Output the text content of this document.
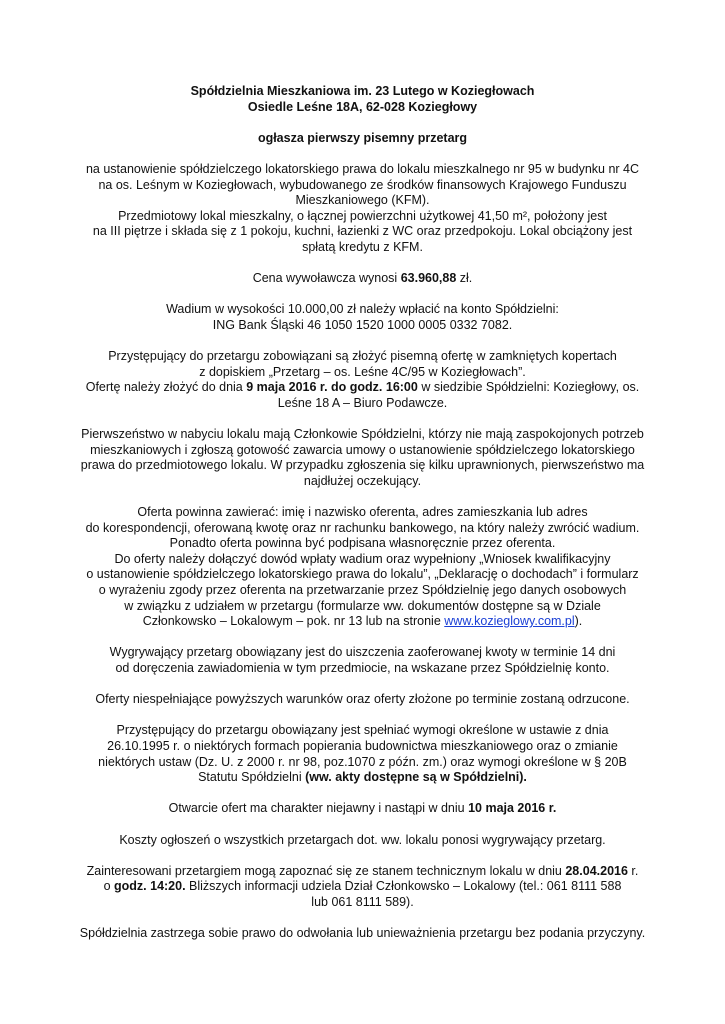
Spółdzielnia Mieszkaniowa im. 23 Lutego w Koziegłowach
Osiedle Leśne 18A, 62-028 Koziegłowy
ogłasza pierwszy pisemny przetarg
na ustanowienie spółdzielczego lokatorskiego prawa do lokalu mieszkalnego nr 95 w budynku nr 4C
na os. Leśnym w Koziegłowach, wybudowanego ze środków finansowych Krajowego Funduszu
Mieszkaniowego (KFM).
Przedmiotowy lokal mieszkalny, o łącznej powierzchni użytkowej 41,50 m², położony jest
na III piętrze i składa się z 1 pokoju, kuchni, łazienki z WC oraz przedpokoju. Lokal obciążony jest
spłatą kredytu z KFM.
Cena wywoławcza wynosi 63.960,88 zł.
Wadium w wysokości 10.000,00 zł należy wpłacić na konto Spółdzielni:
ING Bank Śląski 46 1050 1520 1000 0005 0332 7082.
Przystępujący do przetargu zobowiązani są złożyć pisemną ofertę w zamkniętych kopertach
z dopiskiem „Przetarg – os. Leśne 4C/95 w Koziegłowach”.
Ofertę należy złożyć do dnia 9 maja 2016 r. do godz. 16:00 w siedzibie Spółdzielni: Koziegłowy, os.
Leśne 18 A – Biuro Podawcze.
Pierwszeństwo w nabyciu lokalu mają Członkowie Spółdzielni, którzy nie mają zaspokojonych potrzeb
mieszkaniowych i zgłoszą gotowość zawarcia umowy o ustanowienie spółdzielczego lokatorskiego
prawa do przedmiotowego lokalu. W przypadku zgłoszenia się kilku uprawnionych, pierwszeństwo ma
najdłużej oczekujący.
Oferta powinna zawierać: imię i nazwisko oferenta, adres zamieszkania lub adres
do korespondencji, oferowaną kwotę oraz nr rachunku bankowego, na który należy zwrócić wadium.
Ponadto oferta powinna być podpisana własnoręcznie przez oferenta.
Do oferty należy dołączyć dowód wpłaty wadium oraz wypełniony „Wniosek kwalifikacyjny
o ustanowienie spółdzielczego lokatorskiego prawa do lokalu”, „Deklarację o dochodach” i formularz
o wyrażeniu zgody przez oferenta na przetwarzanie przez Spółdzielnię jego danych osobowych
w związku z udziałem w przetargu (formularze ww. dokumentów dostępne są w Dziale
Członkowsko – Lokalowym – pok. nr 13 lub na stronie www.kozieglowy.com.pl).
Wygrywający przetarg obowiązany jest do uiszczenia zaoferowanej kwoty w terminie 14 dni
od doręczenia zawiadomienia w tym przedmiocie, na wskazane przez Spółdzielnię konto.
Oferty niespełniające powyższych warunków oraz oferty złożone po terminie zostaną odrzucone.
Przystępujący do przetargu obowiązany jest spełniać wymogi określone w ustawie z dnia
26.10.1995 r. o niektórych formach popierania budownictwa mieszkaniowego oraz o zmianie
niektórych ustaw (Dz. U. z 2000 r. nr 98, poz.1070 z późn. zm.) oraz wymogi określone w § 20B
Statutu Spółdzielni (ww. akty dostępne są w Spółdzielni).
Otwarcie ofert ma charakter niejawny i nastąpi w dniu 10 maja 2016 r.
Koszty ogłoszeń o wszystkich przetargach dot. ww. lokalu ponosi wygrywający przetarg.
Zainteresowani przetargiem mogą zapoznać się ze stanem technicznym lokalu w dniu 28.04.2016 r.
o godz. 14:20. Bliższych informacji udziela Dział Członkowsko – Lokalowy (tel.: 061 8111 588
lub 061 8111 589).
Spółdzielnia zastrzega sobie prawo do odwołania lub unieważnienia przetargu bez podania przyczyny.
